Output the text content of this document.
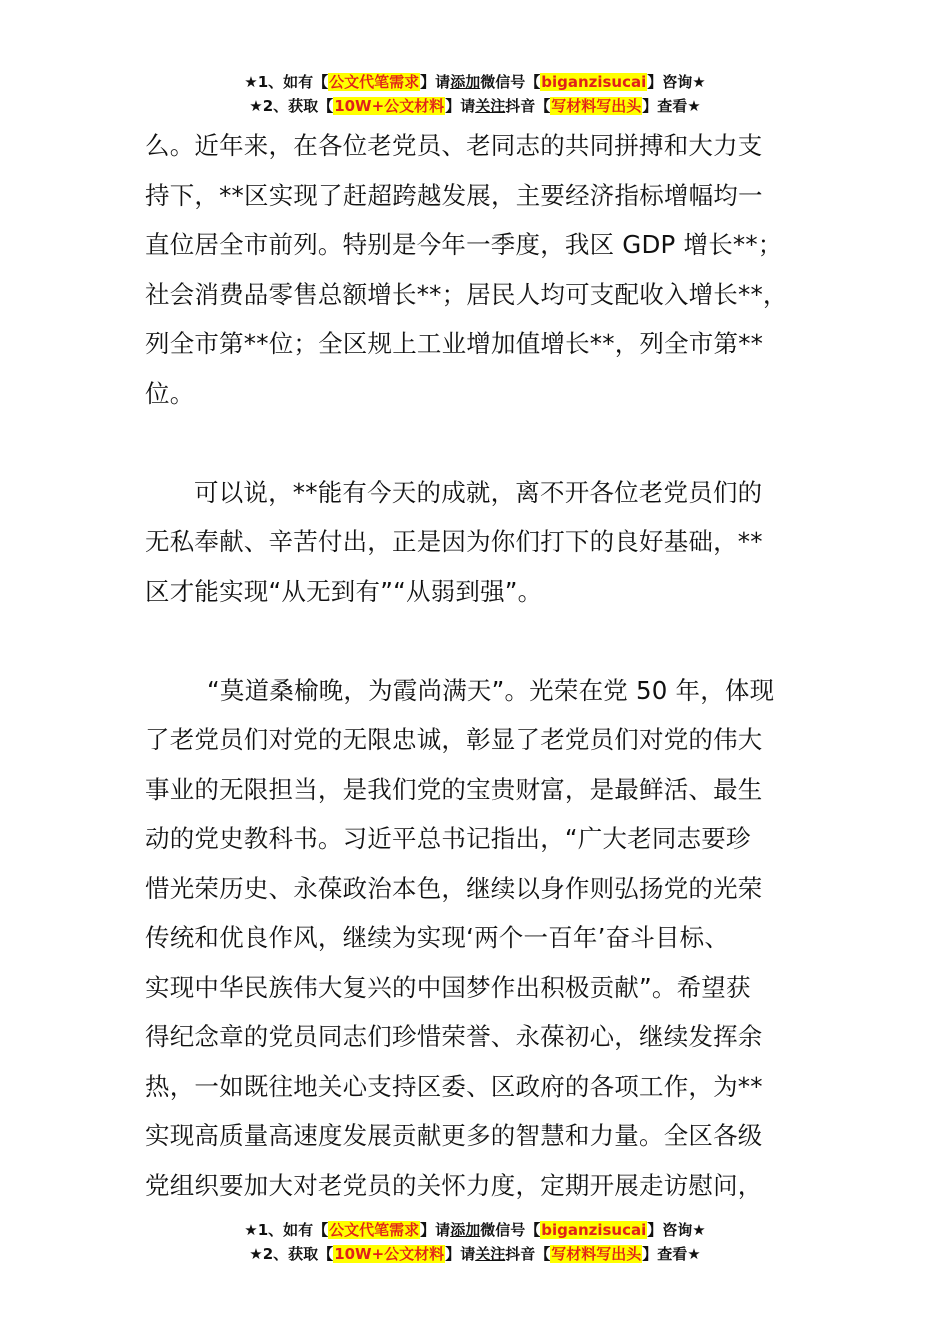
★1、如有【公文代笔需求】请添加微信号【biganzisucai】咨询★
★2、获取【10W+公文材料】请关注抖音【写材料写出头】查看★
么。近年来，在各位老党员、老同志的共同拼搏和大力支
持下，**区实现了赶超跨越发展，主要经济指标增幅均一
直位居全市前列。特别是今年一季度，我区 GDP 增长**；
社会消费品零售总额增长**；居民人均可支配收入增长**，
列全市第**位；全区规上工业增加值增长**，列全市第**
位。
可以说，**能有今天的成就，离不开各位老党员们的
无私奉献、辛苦付出，正是因为你们打下的良好基础，**
区才能实现“从无到有”“从弱到强”。
“莫道桑榆晚，为霞尚满天”。光荣在党 50 年，体现
了老党员们对党的无限忠诚，彰显了老党员们对党的伟大
事业的无限担当，是我们党的宝贵财富，是最鲜活、最生
动的党史教科书。习近平总书记指出，“广大老同志要珍
惜光荣历史、永葆政治本色，继续以身作则弘扬党的光荣
传统和优良作风，继续为实现‘两个一百年’奋斗目标、
实现中华民族伟大复兴的中国梦作出积极贡献”。希望获
得纪念章的党员同志们珍惜荣誉、永葆初心，继续发挥余
热，一如既往地关心支持区委、区政府的各项工作，为**
实现高质量高速度发展贡献更多的智慧和力量。全区各级
党组织要加大对老党员的关怀力度，定期开展走访慰问，
★1、如有【公文代笔需求】请添加微信号【biganzisucai】咨询★
★2、获取【10W+公文材料】请关注抖音【写材料写出头】查看★
